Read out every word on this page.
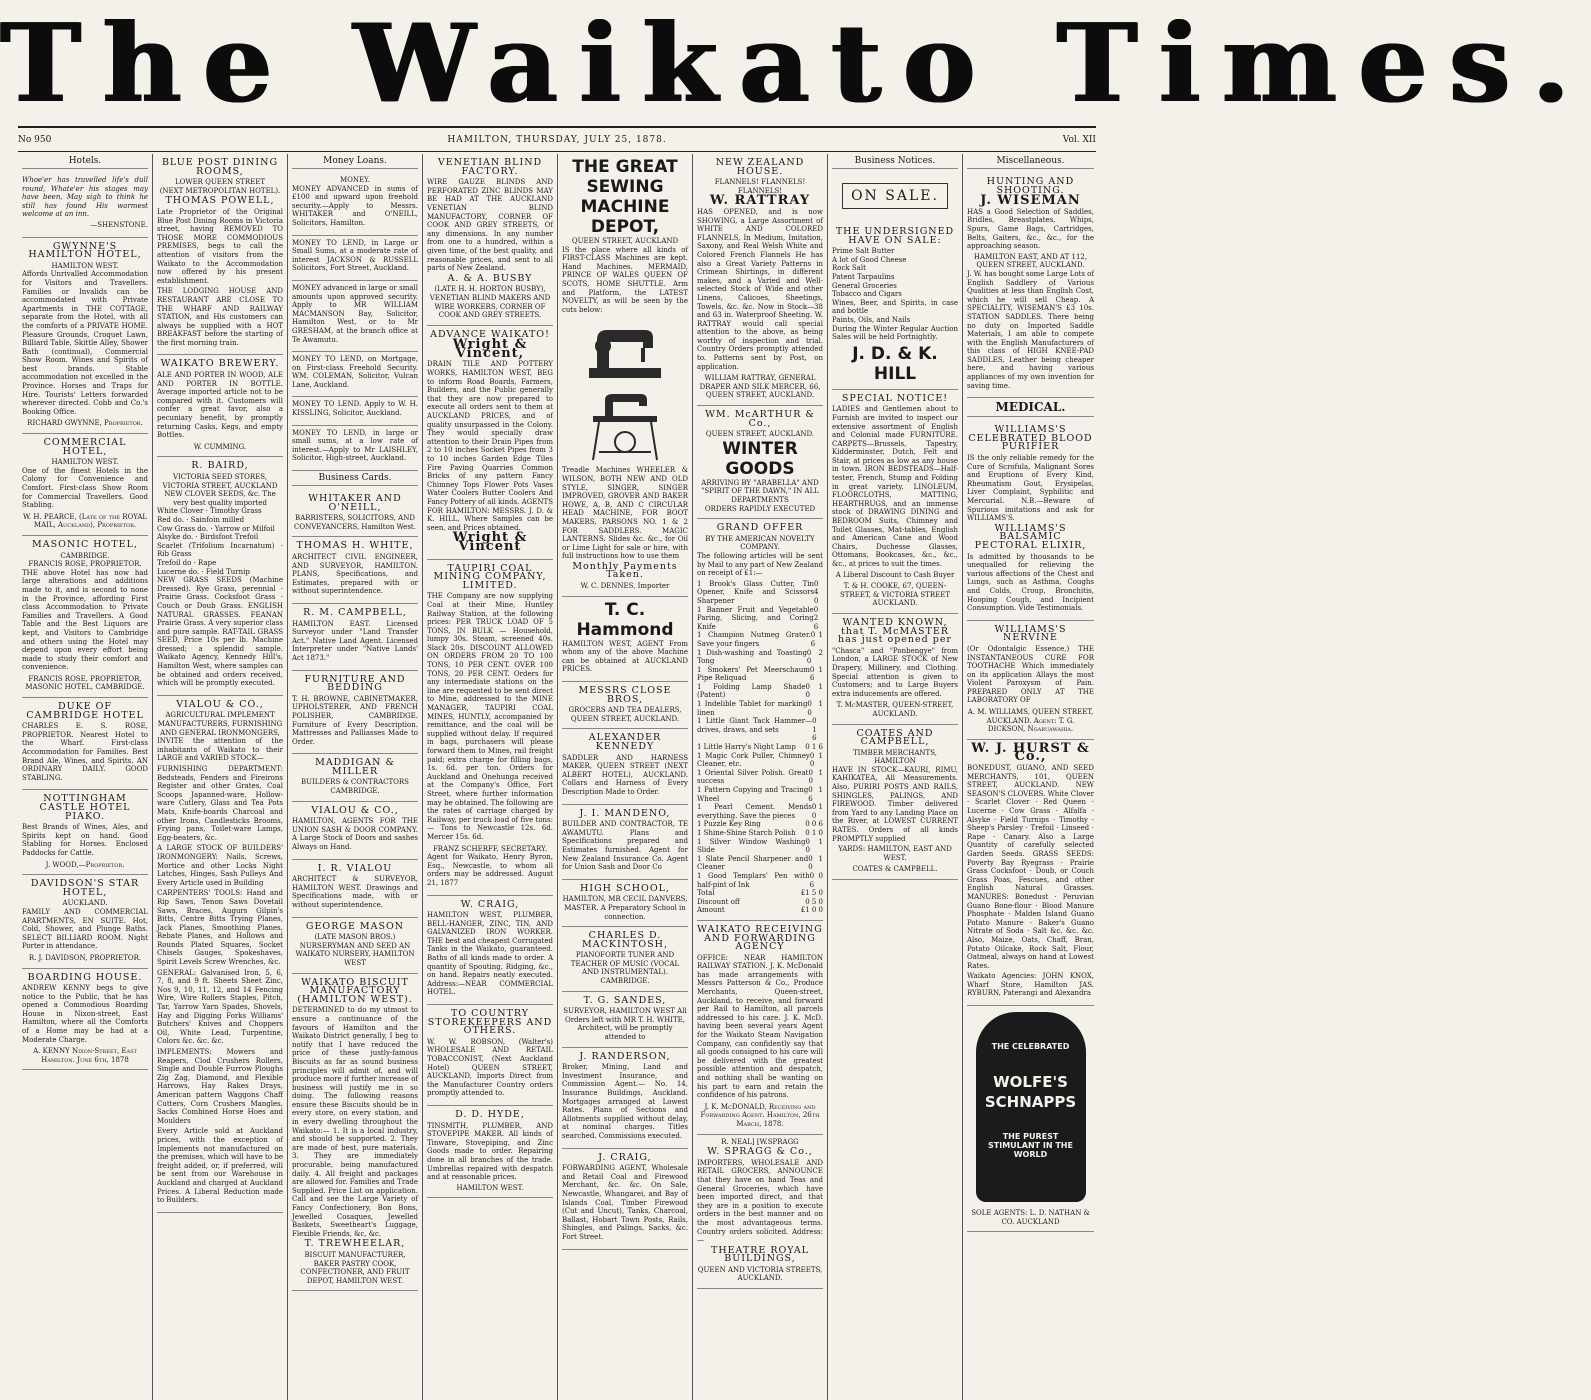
The Waikato Times.
No 950	HAMILTON, THURSDAY, JULY 25, 1878.	Vol. XII
Hotels.

Whoe'er has travelled life's dull round, Whate'er his stages may have been, May sigh to think he still has found His warmest welcome at an inn.

—SHENSTONE.

GWYNNE'S HAMILTON HOTEL,
HAMILTON WEST.

Affords Unrivalled Accommodation for Visitors and Travellers. Families or Invalids can be accommodated with Private Apartments in THE COTTAGE, separate from the Hotel, with all the comforts of a PRIVATE HOME. Pleasure Grounds, Croquet Lawn, Billiard Table, Skittle Alley, Shower Bath (continual), Commercial Show Room. Wines and Spirits of best brands. Stable accommodation not excelled in the Province. Horses and Traps for Hire. Tourists' Letters forwarded wherever directed. Cobb and Co.'s Booking Office.

RICHARD GWYNNE, Proprietor.
COMMERCIAL HOTEL,
HAMILTON WEST.

One of the finest Hotels in the Colony for Convenience and Comfort. First-class Show Room for Commercial Travellers. Good Stabling.

W. H. PEARCE, (Late of the ROYAL MAIL, Auckland), Proprietor.
MASONIC HOTEL,
CAMBRIDGE.
FRANCIS ROSE, PROPRIETOR.

THE above Hotel has now had large alterations and additions made to it, and is second to none in the Province, affording First class Accommodation to Private Families and Travellers. A Good Table and the Best Liquors are kept, and Visitors to Cambridge and others using the Hotel may depend upon every effort being made to study their comfort and convenience.

FRANCIS ROSE, PROPRIETOR, MASONIC HOTEL, CAMBRIDGE.
DUKE OF CAMBRIDGE HOTEL

CHARLES E. S. ROSE, PROPRIETOR. Nearest Hotel to the Wharf. First-class Accommodation for Families. Best Brand Ale, Wines, and Spirits. AN ORDINARY DAILY. GOOD STABLING.

NOTTINGHAM CASTLE HOTEL PIAKO.

Best Brands of Wines, Ales, and Spirits kept on hand. Good Stabling for Horses. Enclosed Paddocks for Cattle.

J. WOOD,—Proprietor.
DAVIDSON'S STAR HOTEL,
AUCKLAND.

FAMILY AND COMMERCIAL APARTMENTS, EN SUITE. Hot, Cold, Shower, and Plunge Baths. SELECT BILLIARD ROOM. Night Porter in attendance.

R. J. DAVIDSON, PROPRIETOR.
BOARDING HOUSE.

ANDREW KENNY begs to give notice to the Public, that he has opened a Commodious Boarding House in Nixon-street, East Hamilton, where all the Comforts of a Home may be had at a Moderate Charge.

A. KENNY Nixon-Street, East Hamilton. June 6th, 1878
BLUE POST DINING ROOMS,
LOWER QUEEN STREET
(NEXT METROPOLITAN HOTEL).
THOMAS POWELL,

Late Proprietor of the Original Blue Post Dining Rooms in Victoria street, having REMOVED TO THOSE MORE COMMODIOUS PREMISES, begs to call the attention of visitors from the Waikato to the Accommodation now offered by his present establishment.

THE LODGING HOUSE AND RESTAURANT ARE CLOSE TO THE WHARF AND RAILWAY STATION, and His customers can always be supplied with a HOT BREAKFAST before the starting of the first morning train.

WAIKATO BREWERY.

ALE AND PORTER IN WOOD, ALE AND PORTER IN BOTTLE. Average imported article not to be compared with it. Customers will confer a great favor, also a pecuniary benefit, by promptly returning Casks, Kegs, and empty Bottles.

W. CUMMING.
R. BAIRD,
VICTORIA SEED STORES, VICTORIA STREET, AUCKLAND
NEW CLOVER SEEDS, &c. The very best quality imported
White Clover · Timothy Grass
Red do. · Sainfoin milled
Cow Grass do. · Yarrow or Milfoil
Alsyke do. · Birdsfoot Trefoil
Scarlet (Trifolium Incarnatum) · Rib Grass
Trefoil do · Rape
Lucerne do. · Field Turnip

NEW GRASS SEEDS (Machine Dressed). Rye Grass, perennial · Prairie Grass. Cocksfoot Grass · Couch or Doub Grass. ENGLISH NATURAL GRASSES. FEANAN Prairie Grass. A very superior class and pure sample. RAT-TAIL GRASS SEED, Price 10s per lb. Machine dressed; a splendid sample. Waikato Agency, Kennedy Hill's, Hamilton West, where samples can be obtained and orders received, which will be promptly executed.

VIALOU & CO.,
AGRICULTURAL IMPLEMENT MANUFACTURERS, FURNISHING AND GENERAL IRONMONGERS,

INVITE the attention of the inhabitants of Waikato to their LARGE and VARIED STOCK—

FURNISHING DEPARTMENT: Bedsteads, Fenders and Fireirons Register and other Grates, Coal Scoops Japanned-ware, Hollow-ware Cutlery, Glass and Tea Pots Mats, Knife-boards Charcoal and other Irons, Candlesticks Brooms, Frying pans, Toilet-ware Lamps, Egg-beaters, &c.

A LARGE STOCK OF BUILDERS' IRONMONGERY: Nails, Screws, Mortice and other Locks Night Latches, Hinges, Sash Pulleys And Every Article used in Building

CARPENTERS' TOOLS: Hand and Rip Saws, Tenon Saws Dovetail Saws, Braces, Augurs Gilpin's Bitts, Centre Bitts Trying Planes, Jack Planes, Smoothing Planes, Rebate Planes, and Hollows and Rounds Plated Squares, Socket Chisels Gauges, Spokeshaves, Spirit Levels Screw Wrenches, &c.

GENERAL: Galvanised Iron, 5, 6, 7, 8, and 9 ft. Sheets Sheet Zinc, Nos 9, 10, 11, 12, and 14 Fencing Wire, Wire Rollers Staples, Pitch, Tar, Yarrow Yarn Spades, Shovels, Hay and Digging Forks Williams' Butchers' Knives and Choppers Oil, White Lead, Turpentine, Colors &c. &c. &c.

IMPLEMENTS: Mowers and Reapers, Clod Crushers Rollers, Single and Double Furrow Ploughs Zig Zag, Diamond, and Flexible Harrows, Hay Rakes Drays, American pattern Waggons Chaff Cutters, Corn Crushers Mangles, Sacks Combined Horse Hoes and Moulders

Every Article sold at Auckland prices, with the exception of Implements not manufactured on the premises, which will have to be freight added, or, if preferred, will be sent from our Warehouse in Auckland and charged at Auckland Prices. A Liberal Reduction made to Builders.

Money Loans.
MONEY.

MONEY ADVANCED in sums of £100 and upward upon freehold security.—Apply to Messrs. WHITAKER and O'NEILL, Solicitors, Hamilton.

MONEY TO LEND, in Large or Small Sums, at a moderate rate of interest JACKSON & RUSSELL Solicitors, Fort Street, Auckland.

MONEY advanced in large or small amounts upon approved security. Apply to MR WILLIAM MACMANSON Bay, Solicitor, Hamilton West, or to Mr GRESHAM, at the branch office at Te Awamutu.

MONEY TO LEND, on Mortgage, on First-class Freehold Security. WM. COLEMAN, Solicitor, Vulcan Lane, Auckland.

MONEY TO LEND. Apply to W. H. KISSLING, Solicitor, Auckland.

MONEY TO LEND, in large or small sums, at a low rate of interest.—Apply to Mr LAISHLEY, Solicitor, High-street, Auckland.

Business Cards.
WHITAKER AND O'NEILL,
BARRISTERS, SOLICITORS, AND CONVEYANCERS, Hamilton West.
THOMAS H. WHITE,

ARCHITECT CIVIL ENGINEER, AND SURVEYOR, HAMILTON. PLANS, Specifications, and Estimates, prepared with or without superintendence.

R. M. CAMPBELL,

HAMILTON EAST. Licensed Surveyor under "Land Transfer Act." Native Land Agent. Licensed Interpreter under "Native Lands' Act 1873."

FURNITURE AND BEDDING

T. H. BROWNE, CABINETMAKER, UPHOLSTERER, AND FRENCH POLISHER, CAMBRIDGE. Furniture of Every Description. Mattresses and Palliasses Made to Order.

MADDIGAN & MILLER
BUILDERS & CONTRACTORS CAMBRIDGE.
VIALOU & CO.,

HAMILTON, AGENTS FOR THE UNION SASH & DOOR COMPANY. A Large Stock of Doors and sashes Always on Hand.

I. R. VIALOU

ARCHITECT & SURVEYOR, HAMILTON WEST. Drawings and Specifications made, with or without superintendence.

GEORGE MASON
(LATE MASON BROS.) NURSERYMAN AND SEED AN WAIKATO NURSERY, HAMILTON WEST
WAIKATO BISCUIT MANUFACTORY (HAMILTON WEST).

DETERMINED to do my utmost to ensure a continuance of the favours of Hamilton and the Waikato District generally, I beg to notify that I have reduced the price of these justly-famous Biscuits as far as sound business principles will admit of, and will produce more if further increase of business will justify me in so doing. The following reasons ensure these Biscuits should be in every store, on every station, and in every dwelling throughout the Waikato:— 1. It is a local industry, and should be supported. 2. They are made of best, pure materials. 3. They are immediately procurable, being manufactured daily. 4. All freight and packages are allowed for. Families and Trade Supplied. Price List on application. Call and see the Large Variety of Fancy Confectionery, Bon Bons, Jewelled Cosaques, Jewelled Baskets, Sweetheart's Luggage, Flexible Friends, &c, &c.

T. TREWHEELAR,
BISCUIT MANUFACTURER, BAKER PASTRY COOK, CONFECTIONER, AND FRUIT DEPOT, HAMILTON WEST.
VENETIAN BLIND FACTORY.

WIRE GAUZE BLINDS AND PERFORATED ZINC BLINDS MAY BE HAD AT THE AUCKLAND VENETIAN BLIND MANUFACTORY, CORNER OF COOK AND GREY STREETS, Of any dimensions. In any number from one to a hundred, within a given time, of the best quality, and reasonable prices, and sent to all parts of New Zealand.

A. & A. BUSBY
(LATE H. H. HORTON BUSBY), VENETIAN BLIND MAKERS AND WIRE WORKERS, CORNER OF COOK AND GREY STREETS.
ADVANCE WAIKATO!
Wright & Vincent,

DRAIN TILE AND POTTERY WORKS, HAMILTON WEST, BEG to inform Road Boards, Farmers, Builders, and the Public generally that they are now prepared to execute all orders sent to them at AUCKLAND PRICES, and of quality unsurpassed in the Colony. They would specially draw attention to their Drain Pipes from 2 to 10 inches Socket Pipes from 3 to 10 inches Garden Edge Tiles Fire Paving Quarries Common Bricks of any pattern Fancy Chimney Tops Flower Pots Vases Water Coolers Butter Coolers And Fancy Pottery of all kinds. AGENTS FOR HAMILTON: MESSRS. J. D. & K. HILL, Where Samples can be seen, and Prices obtained.

Wright & Vincent
TAUPIRI COAL MINING COMPANY, LIMITED.

THE Company are now supplying Coal at their Mine, Huntley Railway Station, at the following prices: PER TRUCK LOAD OF 5 TONS, IN BULK — Household, lumpy 30s. Steam, screened 40s. Slack 20s. DISCOUNT ALLOWED ON ORDERS FROM 20 TO 100 TONS, 10 PER CENT. OVER 100 TONS, 20 PER CENT. Orders for any intermediate stations on the line are requested to be sent direct to Mine, addressed to the MINE MANAGER, TAUPIRI COAL MINES, HUNTLY, accompanied by remittance, and the coal will be supplied without delay. If required in bags, purchasers will please forward them to Mines, rail freight paid; extra charge for filling bags, 1s. 6d. per ton. Orders for Auckland and Onehunga received at the Company's Office, Fort Street, where further information may be obtained. The following are the rates of carriage charged by Railway, per truck load of five tons:— Tons to Newcastle 12s. 6d. Mercer 15s. 6d.

FRANZ SCHERFF, SECRETARY.

Agent for Waikato, Henry Byron, Esq., Newcastle, to whom all orders may be addressed. August 21, 1877

W. CRAIG,

HAMILTON WEST, PLUMBER, BELL-HANGER, ZINC, TIN, AND GALVANIZED IRON WORKER. THE best and cheapest Corrugated Tanks in the Waikato, guaranteed. Baths of all kinds made to order. A quantity of Spouting, Ridging, &c., on hand. Repairs neatly executed. Address:—NEAR COMMERCIAL HOTEL.

TO COUNTRY STOREKEEPERS AND OTHERS.

W. W. ROBSON, (Walter's) WHOLESALE AND RETAIL TOBACCONIST, (Next Auckland Hotel) QUEEN STREET, AUCKLAND, Imports Direct from the Manufacturer Country orders promptly attended to.

D. D. HYDE,

TINSMITH, PLUMBER, AND STOVEPIPE MAKER. All kinds of Tinware, Stovepiping, and Zinc Goods made to order. Repairing done in all branches of the trade. Umbrellas repaired with despatch and at reasonable prices.

HAMILTON WEST.
THE GREAT SEWING MACHINE DEPOT,
QUEEN STREET, AUCKLAND

IS the place where all kinds of FIRST-CLASS Machines are kept. Hand Machines. MERMAID, PRINCE OF WALES QUEEN OF SCOTS, HOME SHUTTLE. Arm and Platform, the LATEST NOVELTY, as will be seen by the cuts below:

Treadle Machines WHEELER & WILSON, BOTH NEW AND OLD STYLE, SINGER, SINGER IMPROVED, GROVER AND BAKER HOWE, A, B, AND C CIRCULAR HEAD MACHINE, FOR BOOT MAKERS, PARSONS NO. 1 & 2 FOR SADDLERS. MAGIC LANTERNS. Slides &c. &c., for Oil or Lime Light for sale or hire, with full instructions how to use them

Monthly Payments Taken.
W. C. DENNES, Importer
T. C. Hammond

HAMILTON WEST, AGENT From whom any of the above Machine can be obtained at AUCKLAND PRICES.

MESSRS CLOSE BROS,
GROCERS AND TEA DEALERS, QUEEN STREET, AUCKLAND.
ALEXANDER KENNEDY

SADDLER AND HARNESS MAKER, QUEEN STREET (NEXT ALBERT HOTEL), AUCKLAND. Collars and Harness of Every Description Made to Order.

J. I. MANDENO,

BUILDER AND CONTRACTOR, TE AWAMUTU. Plans and Specifications prepared and Estimates furnished. Agent for New Zealand Insurance Co. Agent for Union Sash and Door Co

HIGH SCHOOL,
HAMILTON, MR CECIL DANVERS, MASTER. A Preparatory School in connection.
CHARLES D. MACKINTOSH,
PIANOFORTE TUNER AND TEACHER OF MUSIC (VOCAL AND INSTRUMENTAL). CAMBRIDGE.
T. G. SANDES,
SURVEYOR, HAMILTON WEST All Orders left with MR T. H. WHITE, Architect, will be promptly attended to
J. RANDERSON,

Broker, Mining, Land and Investment Insurance, and Commission Agent.— No. 14, Insurance Buildings, Auckland. Mortgages arranged at Lowest Rates. Plans of Sections and Allotments supplied without delay, at nominal charges. Titles searched. Commissions executed.

J. CRAIG,

FORWARDING AGENT, Wholesale and Retail Coal and Firewood Merchant, &c. &c. On Sale, Newcastle, Whangarei, and Bay of Islands Coal, Timber Firewood (Cut and Uncut), Tanks, Charcoal, Ballast, Hobart Town Posts, Rails, Shingles, and Palings, Sacks, &c. Fort Street.

NEW ZEALAND HOUSE.
FLANNELS! FLANNELS! FLANNELS!
W. RATTRAY

HAS OPENED, and is now SHOWING, a Large Assortment of WHITE AND COLORED FLANNELS, In Medium, Imitation, Saxony, and Real Welsh White and Colored French Flannels He has also a Great Variety Patterns in Crimean Shirtings, in different makes, and a Varied and Well-selected Stock of Wide and other Linens, Calicoes, Sheetings, Towels, &c. &c. Now in Stock—38 and 63 in. Waterproof Sheeting. W. RATTRAY would call special attention to the above, as being worthy of inspection and trial. Country Orders promptly attended to. Patterns sent by Post, on application.

WILLIAM RATTRAY, GENERAL DRAPER AND SILK MERCER, 66, QUEEN STREET, AUCKLAND.
WM. McARTHUR & Co.,
QUEEN STREET, AUCKLAND.
WINTER GOODS
ARRIVING BY "ARABELLA" AND "SPIRIT OF THE DAWN," IN ALL DEPARTMENTS
ORDERS RAPIDLY EXECUTED
GRAND OFFER
BY THE AMERICAN NOVELTY COMPANY.

The following articles will be sent by Mail to any part of New Zealand on receipt of £1:—

1 Brook's Glass Cutter, Tin Opener, Knife and Scissors Sharpener
0 4 0
1 Banner Fruit and Vegetable Paring, Slicing, and Coring Knife
0 2 6
1 Champion Nutmeg Grater. Save your fingers
0 1 6
1 Dish-washing and Toasting Tong
0 2 0
1 Smokers' Pet Meerschaum Pipe Reliquad
0 1 6
1 Folding Lamp Shade (Patent)
0 1 0
1 Indelible Tablet for marking linen
0 1 0
1 Little Giant Tack Hammer—drives, draws, and sets
0 1 6
1 Little Harry's Night Lamp 0 1 6
1 Magic Cork Puller, Chimney Cleaner, etc.
0 1 0
1 Oriental Silver Polish. Great success
0 1 0
1 Pattern Copying and Tracing Wheel
0 1 6
1 Pearl Cement. Mends everything. Save the pieces
0 1 0
1 Puzzle Key Ring	0 0 6
1 Shine-Shine Starch Polish 0 1 0
1 Silver Window Washing Slide
0 1 0
1 Slate Pencil Sharpener and Cleaner
0 1 0
1 Good Templars' Pen with half-pint of Ink
0 0 6
Total	£1 5 0
Discount off	0 5 0
Amount	£1 0 0
WAIKATO RECEIVING AND FORWARDING AGENCY

OFFICE: NEAR HAMILTON RAILWAY STATION. J. K. McDonald has made arrangements with Messrs Patterson & Co., Produce Merchants, Queen-street, Auckland, to receive, and forward per Rail to Hamilton, all parcels addressed to his care. J. K. McD. having been several years Agent for the Waikato Steam Navigation Company, can confidently say that all goods consigned to his care will be delivered with the greatest possible attention and despatch, and nothing shall be wanting on his part to earn and retain the confidence of his patrons.

J. K. McDONALD, Receiving and Forwarding Agent. Hamilton, 26th March, 1878.
R. NEAL] [W.SPRAGG
W. SPRAGG & Co.,

IMPORTERS, WHOLESALE AND RETAIL GROCERS, ANNOUNCE that they have on hand Teas and General Groceries, which have been imported direct, and that they are in a position to execute orders in the best manner and on the most advantageous terms. Country orders solicited. Address:—

THEATRE ROYAL BUILDINGS,
QUEEN AND VICTORIA STREETS, AUCKLAND.
Business Notices.
ON SALE.
THE UNDERSIGNED HAVE ON SALE:
Prime Salt Butter
A lot of Good Cheese
Rock Salt
Patent Tarpaulins
General Groceries
Tobacco and Cigars
Wines, Beer, and Spirits, in case and bottle
Paints, Oils, and Nails

During the Winter Regular Auction Sales will be held Fortnightly.

J. D. & K. HILL
SPECIAL NOTICE!

LADIES and Gentlemen about to Furnish are invited to inspect our extensive assortment of English and Colonial made FURNITURE. CARPETS—Brussels, Tapestry, Kidderminster, Dutch, Felt and Stair, at prices as low as any house in town. IRON BEDSTEADS—Half-tester, French, Stump and Folding in great variety. LINOLEUM, FLOORCLOTHS, MATTING, HEARTHRUGS, and an immense stock of DRAWING DINING and BEDROOM Suits, Chimney and Toilet Glasses, Mat-tables, English and American Cane and Wood Chairs, Duchesse Glasses, Ottomans, Bookcases, &c., &c., &c., at prices to suit the times.

A Liberal Discount to Cash Buyer
T. & H. COOKE, 67, QUEEN-STREET, & VICTORIA STREET AUCKLAND.
WANTED KNOWN, that T. McMASTER has just opened per

"Chasca" and "Ponbengye" from London, a LARGE STOCK of New Drapery, Millinery, and Clothing. Special attention is given to Customers; and to Large Buyers extra inducements are offered.

T. McMASTER, QUEEN-STREET, AUCKLAND.
COATES AND CAMPBELL,
TIMBER MERCHANTS, HAMILTON

HAVE IN STOCK—KAURI, RIMU, KAHIKATEA, All Measurements. Also, PURIRI POSTS AND RAILS, SHINGLES, PALINGS, AND FIREWOOD. Timber delivered from Yard to any Landing Place on the River, at LOWEST CURRENT RATES. Orders of all kinds PROMPTLY supplied

YARDS: HAMILTON, EAST AND WEST.
COATES & CAMPBELL.
Miscellaneous.
HUNTING AND SHOOTING.
J. WISEMAN

HAS a Good Selection of Saddles, Bridles, Breastplates, Whips, Spurs, Game Bags, Cartridges, Belts, Gaiters, &c., &c., for the approaching season.

HAMILTON EAST, AND AT 112, QUEEN STREET, AUCKLAND.

J. W. has bought some Large Lots of English Saddlery of Various Qualities at less than English Cost, which he will sell Cheap. A SPECIALITY, WISEMAN'S £3 10s. STATION SADDLES. There being no duty on Imported Saddle Materials, I am able to compete with the English Manufacturers of this class of HIGH KNEE-PAD SADDLES, Leather being cheaper here, and having various appliances of my own invention for saving time.

MEDICAL.
WILLIAMS'S CELEBRATED BLOOD PURIFIER

IS the only reliable remedy for the Cure of Scrofula, Malignant Sores and Eruptions of Every Kind, Rheumatism Gout, Erysipelas, Liver Complaint, Syphilitic and Mercurial. N.B.—Beware of Spurious imitations and ask for WILLIAMS'S.

WILLIAMS'S BALSAMIC PECTORAL ELIXIR,

Is admitted by thousands to be unequalled for relieving the various affections of the Chest and Lungs, such as Asthma, Coughs and Colds, Croup, Bronchitis, Hooping Cough, and Incipient Consumption. Vide Testimonials.

WILLIAMS'S NERVINE

(Or Odontalgic Essence,) THE INSTANTANEOUS CURE FOR TOOTHACHE Which immediately on its application Allays the most Violent Paroxysm of Pain. PREPARED ONLY AT THE LABORATORY OF

A. M. WILLIAMS, QUEEN STREET, AUCKLAND. Agent: T. G. DICKSON, Ngaruawahia.
W. J. HURST & Co.,

BONEDUST, GUANO, AND SEED MERCHANTS, 101, QUEEN STREET, AUCKLAND. NEW SEASON'S CLOVERS. White Clover · Scarlet Clover · Red Queen · Lucerne · Cow Grass · Alfalfa · Alsyke · Field Turnips · Timothy · Sheep's Parsley · Trefoil · Linseed · Rape · Canary. Also a Large Quantity of carefully selected Garden Seeds. GRASS SEEDS: Poverty Bay Ryegrass · Prairie Grass Cocksfoot · Doub, or Couch Grass Poas, Fescues, and other English Natural Grasses. MANURES: Bonedust · Peruvian Guano Bone-flour · Blood Manure Phosphate · Malden Island Guano Potato Manure · Baker's Guano Nitrate of Soda · Salt &c. &c. &c. Also, Maize, Oats, Chaff, Bran, Potato Oilcake, Rock Salt, Flour, Oatmeal, always on hand at Lowest Rates.

Waikato Agencies: JOHN KNOX, Wharf Store, Hamilton JAS. RYBURN, Paterangi and Alexandra

THE CELEBRATED
WOLFE'S SCHNAPPS
THE PUREST STIMULANT IN THE WORLD
SOLE AGENTS: L. D. NATHAN & CO. AUCKLAND
